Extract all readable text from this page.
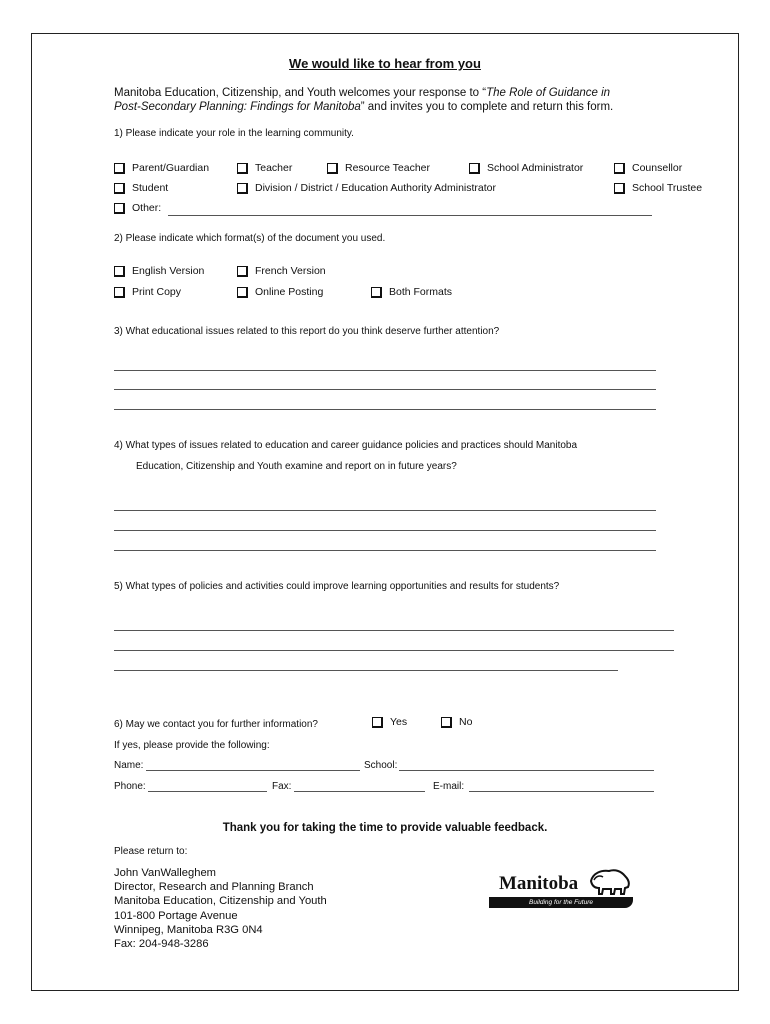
We would like to hear from you
Manitoba Education, Citizenship, and Youth welcomes your response to “The Role of Guidance in
Post-Secondary Planning: Findings for Manitoba” and invites you to complete and return this form.
1) Please indicate your role in the learning community.
Parent/Guardian	Teacher	Resource Teacher	School Administrator	Counsellor
Student	Division / District / Education Authority Administrator	School Trustee
Other:
2) Please indicate which format(s) of the document you used.
English Version	French Version
Print Copy	Online Posting	Both Formats
3) What educational issues related to this report do you think deserve further attention?
4) What types of issues related to education and career guidance policies and practices should Manitoba
Education, Citizenship and Youth examine and report on in future years?
5) What types of policies and activities could improve learning opportunities and results for students?
6) May we contact you for further information?	Yes	No
If yes, please provide the following:
Name:	School:
Phone:	Fax:	E-mail:
Thank you for taking the time to provide valuable feedback.
Please return to:
John VanWalleghem
Director, Research and Planning Branch
Manitoba Education, Citizenship and Youth
101-800 Portage Avenue
Winnipeg, Manitoba R3G 0N4
Fax: 204-948-3286
Manitoba
Building for the Future
